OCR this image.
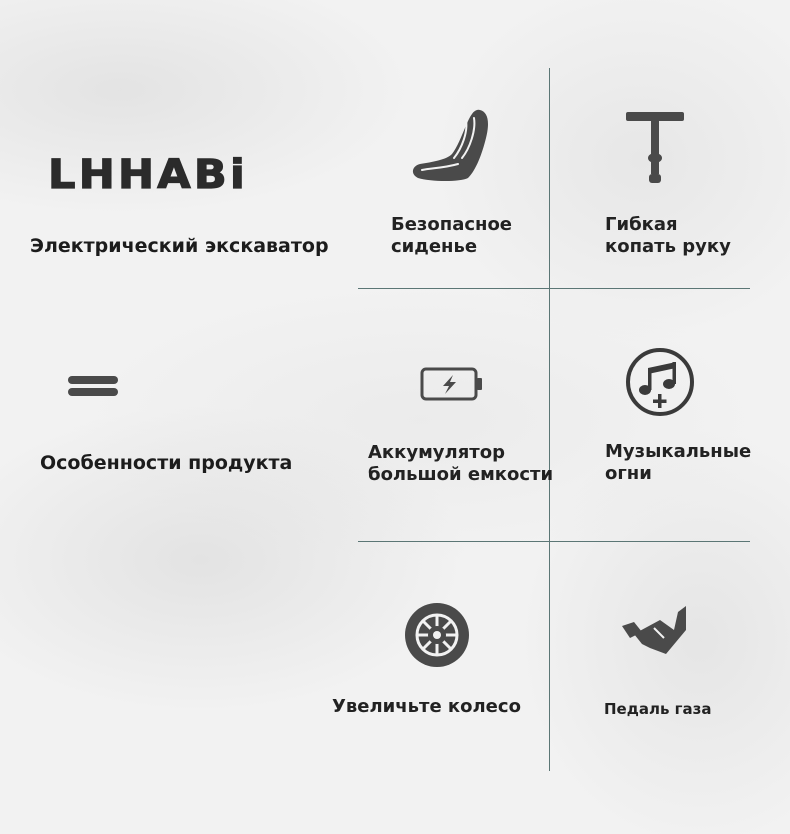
LHHABi
Электрический экскаватор
Особенности продукта
Безопасное
сиденье
Гибкая
копать руку
Аккумулятор
большой емкости
Музыкальные
огни
Увеличьте колесо	Педаль газа
